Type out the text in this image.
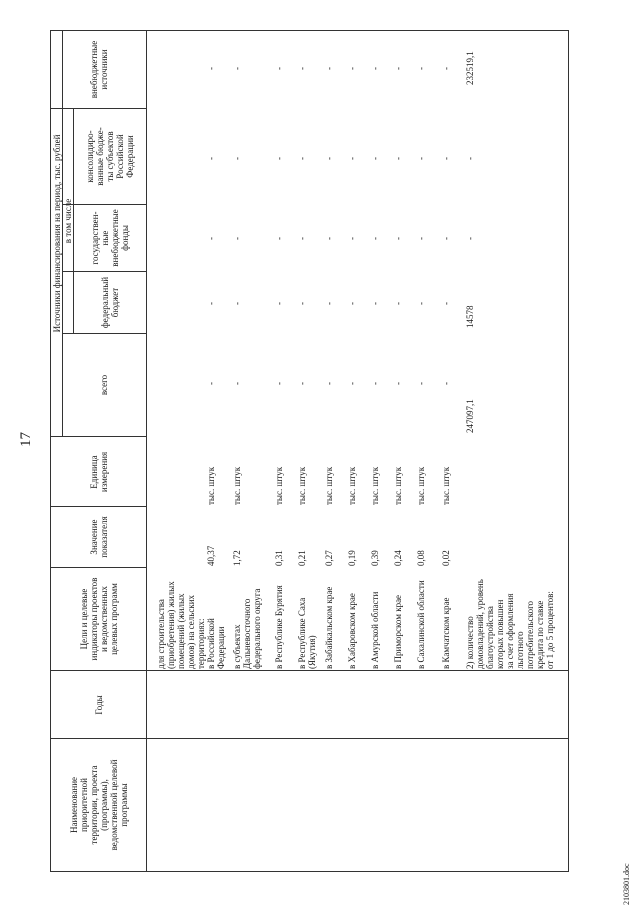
17
2103801.doc
Наименование
приоритетной
территории, проекта
(программы),
ведомственной целевой
программы
Годы
Цели и целевые
индикаторы проектов
и ведомственных
целевых программ
Значение
показателя
Единица
измерения
Источники финансирования на период, тыс. рублей
всего
в том числе
федеральный
бюджет
государствен-
ные
внебюджетные
фонды
консолидиро-
ванные бюдже-
ты субъектов
Российской
Федерации
внебюджетные
источники
для строительства
(приобретения) жилых
помещений (жилых
домов) на сельских
территориях: в Российской
Федерации
40,37
тыс. штук
-
-
-
-
-
в субъектах
Дальневосточного
федерального округа
1,72
тыс. штук
-
-
-
-
-
в Республике Бурятия
0,31
тыс. штук
-
-
-
-
-
в Республике Саха
(Якутия)
0,21
тыс. штук
-
-
-
-
-
в Забайкальском крае
0,27
тыс. штук
-
-
-
-
-
в Хабаровском крае
0,19
тыс. штук
-
-
-
-
-
в Амурской области
0,39
тыс. штук
-
-
-
-
-
в Приморском крае
0,24
тыс. штук
-
-
-
-
-
в Сахалинской области
0,08
тыс. штук
-
-
-
-
-
в Камчатском крае
0,02
тыс. штук
-
-
-
-
-
2) количество
домовладений, уровень
благоустройства
которых повышен
за счет оформления
льготного
потребительского
кредита по ставке
от 1 до 5 процентов:
247097,1
14578
-
-
232519,1
